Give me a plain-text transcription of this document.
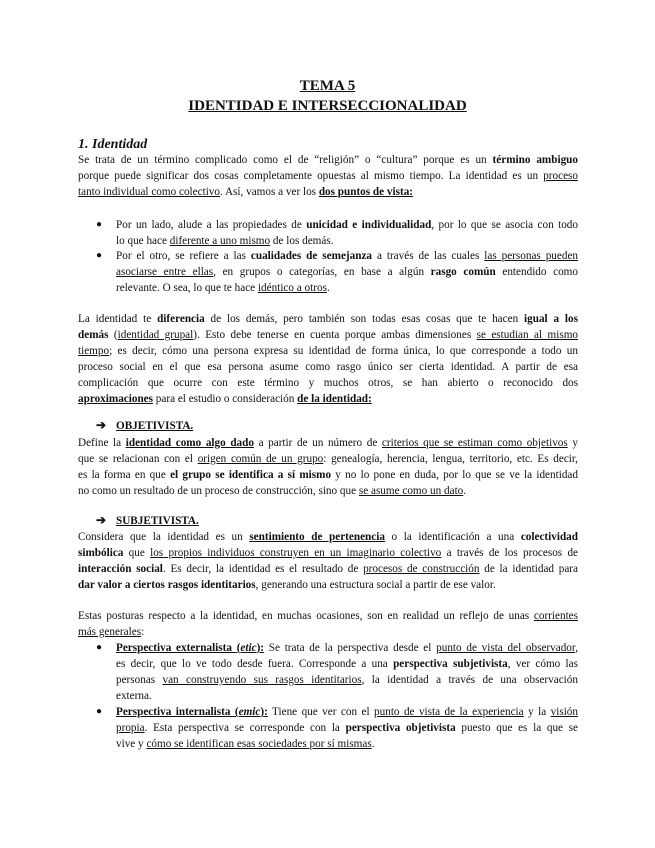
TEMA 5
IDENTIDAD E INTERSECCIONALIDAD
1. Identidad
Se trata de un término complicado como el de “religión” o “cultura” porque es un término ambiguo
porque puede significar dos cosas completamente opuestas al mismo tiempo. La identidad es un proceso
tanto individual como colectivo. Así, vamos a ver los dos puntos de vista:
● Por un lado, alude a las propiedades de unicidad e individualidad, por lo que se asocia con todo
lo que hace diferente a uno mismo de los demás.
● Por el otro, se refiere a las cualidades de semejanza a través de las cuales las personas pueden
asociarse entre ellas, en grupos o categorías, en base a algún rasgo común entendido como
relevante. O sea, lo que te hace idéntico a otros.
La identidad te diferencia de los demás, pero también son todas esas cosas que te hacen igual a los
demás (identidad grupal). Esto debe tenerse en cuenta porque ambas dimensiones se estudian al mismo
tiempo; es decir, cómo una persona expresa su identidad de forma única, lo que corresponde a todo un
proceso social en el que esa persona asume como rasgo único ser cierta identidad. A partir de esa
complicación que ocurre con este término y muchos otros, se han abierto o reconocido dos
aproximaciones para el estudio o consideración de la identidad:
➔ OBJETIVISTA.
Define la identidad como algo dado a partir de un número de criterios que se estiman como objetivos y
que se relacionan con el origen común de un grupo: genealogía, herencia, lengua, territorio, etc. Es decir,
es la forma en que el grupo se identifica a sí mismo y no lo pone en duda, por lo que se ve la identidad
no como un resultado de un proceso de construcción, sino que se asume como un dato.
➔ SUBJETIVISTA.
Considera que la identidad es un sentimiento de pertenencia o la identificación a una colectividad
simbólica que los propios individuos construyen en un imaginario colectivo a través de los procesos de
interacción social. Es decir, la identidad es el resultado de procesos de construcción de la identidad para
dar valor a ciertos rasgos identitarios, generando una estructura social a partir de ese valor.
Estas posturas respecto a la identidad, en muchas ocasiones, son en realidad un reflejo de unas corrientes
más generales:
● Perspectiva externalista (etic): Se trata de la perspectiva desde el punto de vista del observador,
es decir, que lo ve todo desde fuera. Corresponde a una perspectiva subjetivista, ver cómo las
personas van construyendo sus rasgos identitarios, la identidad a través de una observación
externa.
● Perspectiva internalista (emic): Tiene que ver con el punto de vista de la experiencia y la visión
propia. Esta perspectiva se corresponde con la perspectiva objetivista puesto que es la que se
vive y cómo se identifican esas sociedades por sí mismas.
